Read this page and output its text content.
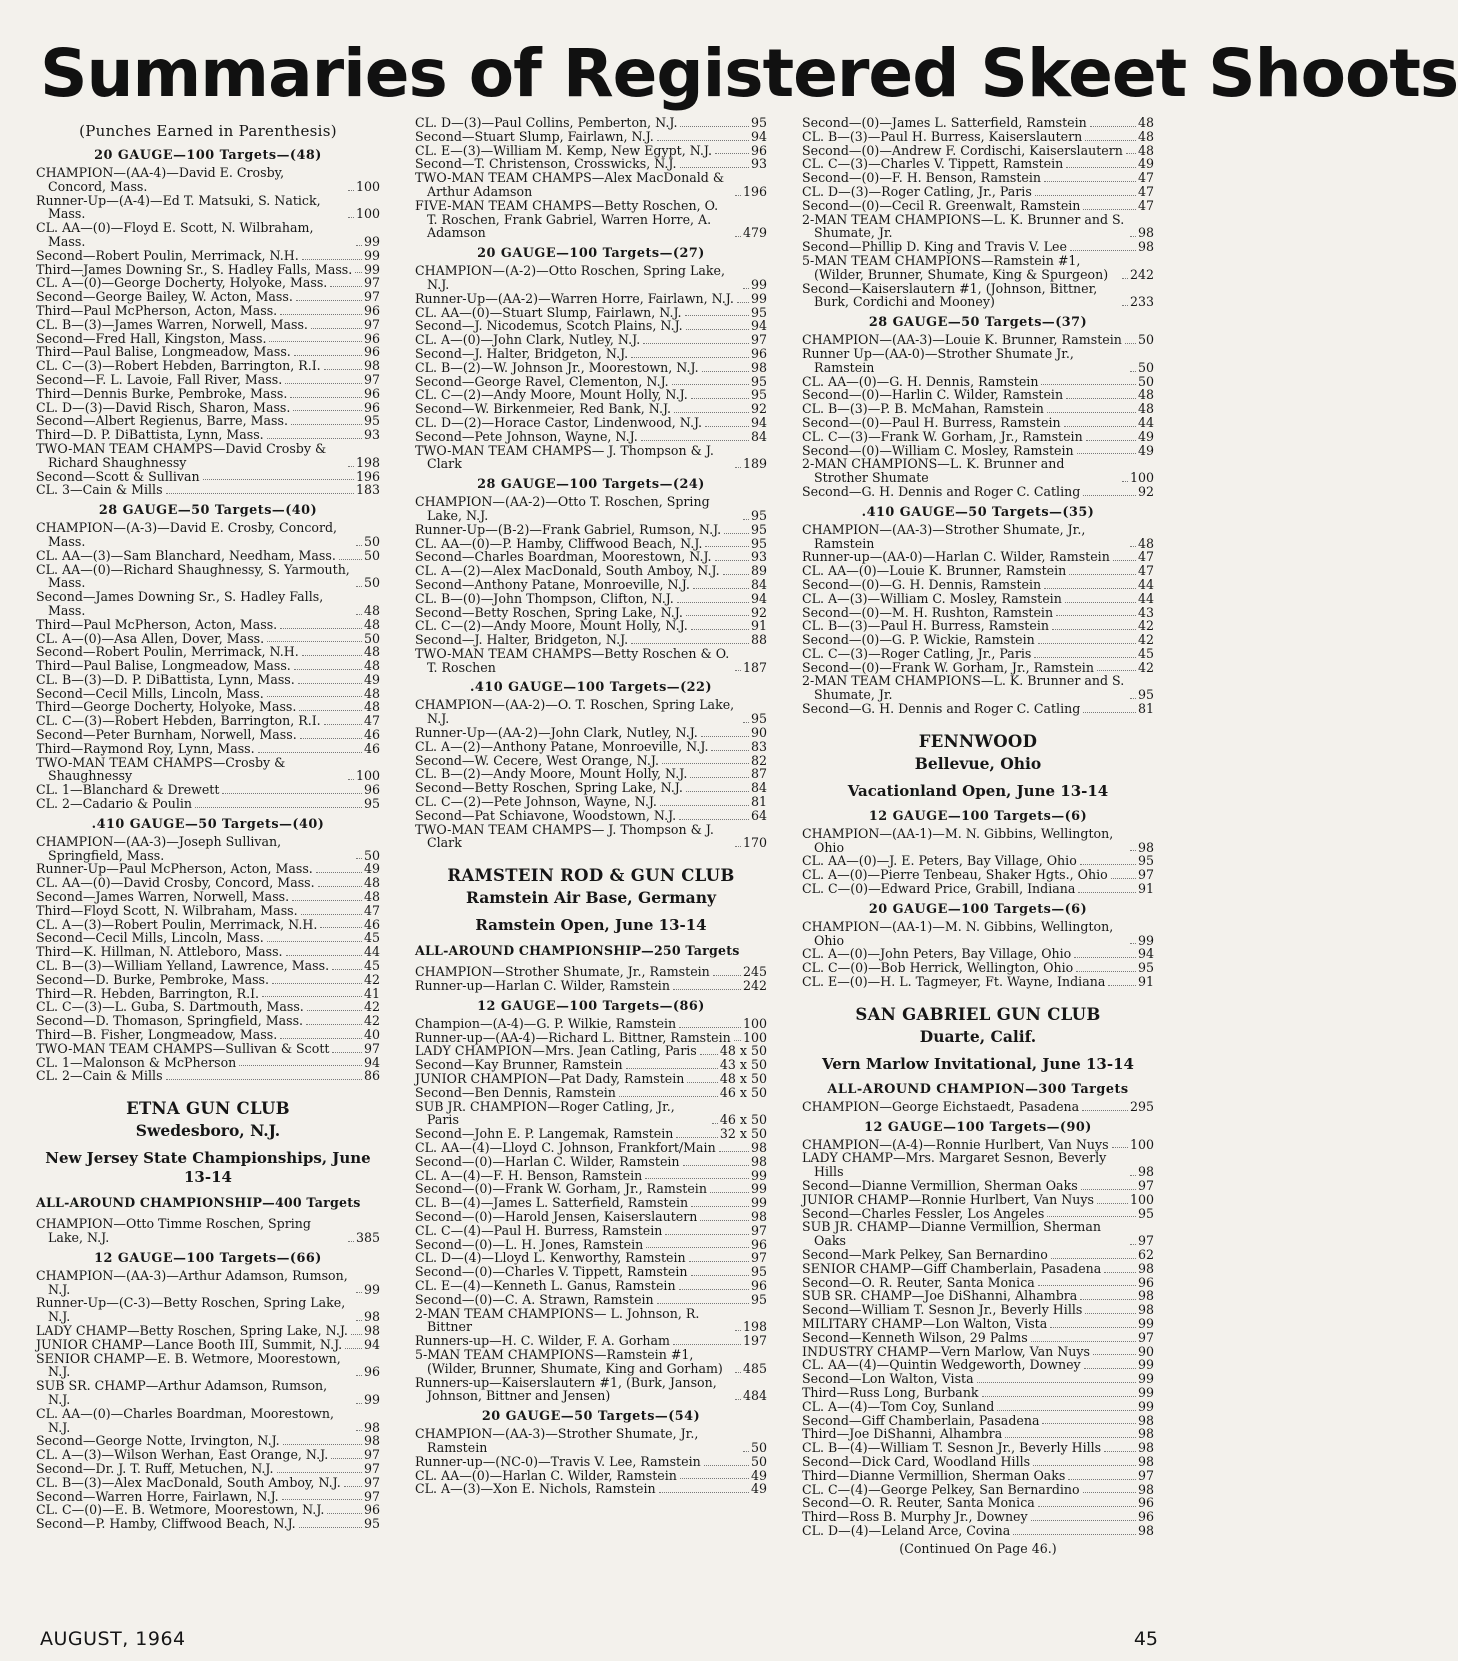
Summaries of Registered Skeet Shoots
(Punches Earned in Parenthesis)
20 GAUGE—100 Targets—(48)
CHAMPION—(AA-4)—David E. Crosby, Concord, Mass.	100
Runner-Up—(A-4)—Ed T. Matsuki, S. Natick, Mass.	100
CL. AA—(0)—Floyd E. Scott, N. Wilbraham, Mass.	99
Second—Robert Poulin, Merrimack, N.H.	99
Third—James Downing Sr., S. Hadley Falls, Mass. 99
CL. A—(0)—George Docherty, Holyoke, Mass.	97
Second—George Bailey, W. Acton, Mass.	97
Third—Paul McPherson, Acton, Mass.	96
CL. B—(3)—James Warren, Norwell, Mass.	97
Second—Fred Hall, Kingston, Mass.	96
Third—Paul Balise, Longmeadow, Mass.	96
CL. C—(3)—Robert Hebden, Barrington, R.I.	98
Second—F. L. Lavoie, Fall River, Mass.	97
Third—Dennis Burke, Pembroke, Mass.	96
CL. D—(3)—David Risch, Sharon, Mass.	96
Second—Albert Regienus, Barre, Mass.	95
Third—D. P. DiBattista, Lynn, Mass.	93
TWO-MAN TEAM CHAMPS—David Crosby & Richard Shaughnessy	198
Second—Scott & Sullivan	196
CL. 3—Cain & Mills	183
28 GAUGE—50 Targets—(40)
CHAMPION—(A-3)—David E. Crosby, Concord, Mass.	50
CL. AA—(3)—Sam Blanchard, Needham, Mass. 50
CL. AA—(0)—Richard Shaughnessy, S. Yarmouth, Mass.	50
Second—James Downing Sr., S. Hadley Falls, Mass.	48
Third—Paul McPherson, Acton, Mass.	48
CL. A—(0)—Asa Allen, Dover, Mass.	50
Second—Robert Poulin, Merrimack, N.H.	48
Third—Paul Balise, Longmeadow, Mass.	48
CL. B—(3)—D. P. DiBattista, Lynn, Mass.	49
Second—Cecil Mills, Lincoln, Mass.	48
Third—George Docherty, Holyoke, Mass.	48
CL. C—(3)—Robert Hebden, Barrington, R.I.	47
Second—Peter Burnham, Norwell, Mass.	46
Third—Raymond Roy, Lynn, Mass.	46
TWO-MAN TEAM CHAMPS—Crosby & Shaughnessy	100
CL. 1—Blanchard & Drewett	96
CL. 2—Cadario & Poulin	95
.410 GAUGE—50 Targets—(40)
CHAMPION—(AA-3)—Joseph Sullivan, Springfield, Mass.	50
Runner-Up—Paul McPherson, Acton, Mass.	49
CL. AA—(0)—David Crosby, Concord, Mass.	48
Second—James Warren, Norwell, Mass.	48
Third—Floyd Scott, N. Wilbraham, Mass.	47
CL. A—(3)—Robert Poulin, Merrimack, N.H.	46
Second—Cecil Mills, Lincoln, Mass.	45
Third—K. Hillman, N. Attleboro, Mass.	44
CL. B—(3)—William Yelland, Lawrence, Mass.	45
Second—D. Burke, Pembroke, Mass.	42
Third—R. Hebden, Barrington, R.I.	41
CL. C—(3)—L. Guba, S. Dartmouth, Mass.	42
Second—D. Thomason, Springfield, Mass.	42
Third—B. Fisher, Longmeadow, Mass.	40
TWO-MAN TEAM CHAMPS—Sullivan & Scott	97
CL. 1—Malonson & McPherson	94
CL. 2—Cain & Mills	86
ETNA GUN CLUB
Swedesboro, N.J.
New Jersey State Championships, June 13-14
ALL-AROUND CHAMPIONSHIP—400 Targets
CHAMPION—Otto Timme Roschen, Spring Lake, N.J.	385
12 GAUGE—100 Targets—(66)
CHAMPION—(AA-3)—Arthur Adamson, Rumson, N.J.	99
Runner-Up—(C-3)—Betty Roschen, Spring Lake, N.J.	98
LADY CHAMP—Betty Roschen, Spring Lake, N.J. 98
JUNIOR CHAMP—Lance Booth III, Summit, N.J. 94
SENIOR CHAMP—E. B. Wetmore, Moorestown, N.J.	96
SUB SR. CHAMP—Arthur Adamson, Rumson, N.J.	99
CL. AA—(0)—Charles Boardman, Moorestown, N.J.	98
Second—George Notte, Irvington, N.J.	98
CL. A—(3)—Wilson Werhan, East Orange, N.J.	97
Second—Dr. J. T. Ruff, Metuchen, N.J.	97
CL. B—(3)—Alex MacDonald, South Amboy, N.J. 97
Second—Warren Horre, Fairlawn, N.J.	97
CL. C—(0)—E. B. Wetmore, Moorestown, N.J.	96
Second—P. Hamby, Cliffwood Beach, N.J.	95
CL. D—(3)—Paul Collins, Pemberton, N.J.	95
Second—Stuart Slump, Fairlawn, N.J.	94
CL. E—(3)—William M. Kemp, New Egypt, N.J.	96
Second—T. Christenson, Crosswicks, N.J.	93
TWO-MAN TEAM CHAMPS—Alex MacDonald & Arthur Adamson	196
FIVE-MAN TEAM CHAMPS—Betty Roschen, O. T. Roschen, Frank Gabriel, Warren Horre, A. Adamson	479
20 GAUGE—100 Targets—(27)
CHAMPION—(A-2)—Otto Roschen, Spring Lake, N.J.	99
Runner-Up—(AA-2)—Warren Horre, Fairlawn, N.J. 99
CL. AA—(0)—Stuart Slump, Fairlawn, N.J.	95
Second—J. Nicodemus, Scotch Plains, N.J.	94
CL. A—(0)—John Clark, Nutley, N.J.	97
Second—J. Halter, Bridgeton, N.J.	96
CL. B—(2)—W. Johnson Jr., Moorestown, N.J.	98
Second—George Ravel, Clementon, N.J.	95
CL. C—(2)—Andy Moore, Mount Holly, N.J.	95
Second—W. Birkenmeier, Red Bank, N.J.	92
CL. D—(2)—Horace Castor, Lindenwood, N.J.	94
Second—Pete Johnson, Wayne, N.J.	84
TWO-MAN TEAM CHAMPS— J. Thompson & J. Clark	189
28 GAUGE—100 Targets—(24)
CHAMPION—(AA-2)—Otto T. Roschen, Spring Lake, N.J.	95
Runner-Up—(B-2)—Frank Gabriel, Rumson, N.J. 95
CL. AA—(0)—P. Hamby, Cliffwood Beach, N.J.	95
Second—Charles Boardman, Moorestown, N.J.	93
CL. A—(2)—Alex MacDonald, South Amboy, N.J. 89
Second—Anthony Patane, Monroeville, N.J.	84
CL. B—(0)—John Thompson, Clifton, N.J.	94
Second—Betty Roschen, Spring Lake, N.J.	92
CL. C—(2)—Andy Moore, Mount Holly, N.J.	91
Second—J. Halter, Bridgeton, N.J.	88
TWO-MAN TEAM CHAMPS—Betty Roschen & O. T. Roschen	187
.410 GAUGE—100 Targets—(22)
CHAMPION—(AA-2)—O. T. Roschen, Spring Lake, N.J.	95
Runner-Up—(AA-2)—John Clark, Nutley, N.J.	90
CL. A—(2)—Anthony Patane, Monroeville, N.J.	83
Second—W. Cecere, West Orange, N.J.	82
CL. B—(2)—Andy Moore, Mount Holly, N.J.	87
Second—Betty Roschen, Spring Lake, N.J.	84
CL. C—(2)—Pete Johnson, Wayne, N.J.	81
Second—Pat Schiavone, Woodstown, N.J.	64
TWO-MAN TEAM CHAMPS— J. Thompson & J. Clark	170
RAMSTEIN ROD & GUN CLUB
Ramstein Air Base, Germany
Ramstein Open, June 13-14
ALL-AROUND CHAMPIONSHIP—250 Targets
CHAMPION—Strother Shumate, Jr., Ramstein	245
Runner-up—Harlan C. Wilder, Ramstein	242
12 GAUGE—100 Targets—(86)
Champion—(A-4)—G. P. Wilkie, Ramstein	100
Runner-up—(AA-4)—Richard L. Bittner, Ramstein 100
LADY CHAMPION—Mrs. Jean Catling, Paris 48 x 50
Second—Kay Brunner, Ramstein	43 x 50
JUNIOR CHAMPION—Pat Dady, Ramstein	48 x 50
Second—Ben Dennis, Ramstein	46 x 50
SUB JR. CHAMPION—Roger Catling, Jr., Paris	46 x 50
Second—John E. P. Langemak, Ramstein	32 x 50
CL. AA—(4)—Lloyd C. Johnson, Frankfort/Main	98
Second—(0)—Harlan C. Wilder, Ramstein	98
CL. A—(4)—F. H. Benson, Ramstein	99
Second—(0)—Frank W. Gorham, Jr., Ramstein	99
CL. B—(4)—James L. Satterfield, Ramstein	99
Second—(0)—Harold Jensen, Kaiserslautern	98
CL. C—(4)—Paul H. Burress, Ramstein	97
Second—(0)—L. H. Jones, Ramstein	96
CL. D—(4)—Lloyd L. Kenworthy, Ramstein	97
Second—(0)—Charles V. Tippett, Ramstein	95
CL. E—(4)—Kenneth L. Ganus, Ramstein	96
Second—(0)—C. A. Strawn, Ramstein	95
2-MAN TEAM CHAMPIONS— L. Johnson, R. Bittner	198
Runners-up—H. C. Wilder, F. A. Gorham	197
5-MAN TEAM CHAMPIONS—Ramstein #1, (Wilder, Brunner, Shumate, King and Gorham)	485
Runners-up—Kaiserslautern #1, (Burk, Janson, Johnson, Bittner and Jensen)	484
20 GAUGE—50 Targets—(54)
CHAMPION—(AA-3)—Strother Shumate, Jr., Ramstein	50
Runner-up—(NC-0)—Travis V. Lee, Ramstein	50
CL. AA—(0)—Harlan C. Wilder, Ramstein	49
CL. A—(3)—Xon E. Nichols, Ramstein	49
Second—(0)—James L. Satterfield, Ramstein	48
CL. B—(3)—Paul H. Burress, Kaiserslautern	48
Second—(0)—Andrew F. Cordischi, Kaiserslautern 48
CL. C—(3)—Charles V. Tippett, Ramstein	49
Second—(0)—F. H. Benson, Ramstein	47
CL. D—(3)—Roger Catling, Jr., Paris	47
Second—(0)—Cecil R. Greenwalt, Ramstein	47
2-MAN TEAM CHAMPIONS—L. K. Brunner and S. Shumate, Jr.	98
Second—Phillip D. King and Travis V. Lee	98
5-MAN TEAM CHAMPIONS—Ramstein #1, (Wilder, Brunner, Shumate, King & Spurgeon)	242
Second—Kaiserslautern #1, (Johnson, Bittner, Burk, Cordichi and Mooney)	233
28 GAUGE—50 Targets—(37)
CHAMPION—(AA-3)—Louie K. Brunner, Ramstein 50
Runner Up—(AA-0)—Strother Shumate Jr., Ramstein	50
CL. AA—(0)—G. H. Dennis, Ramstein	50
Second—(0)—Harlin C. Wilder, Ramstein	48
CL. B—(3)—P. B. McMahan, Ramstein	48
Second—(0)—Paul H. Burress, Ramstein	44
CL. C—(3)—Frank W. Gorham, Jr., Ramstein	49
Second—(0)—William C. Mosley, Ramstein	49
2-MAN CHAMPIONS—L. K. Brunner and Strother Shumate	100
Second—G. H. Dennis and Roger C. Catling	92
.410 GAUGE—50 Targets—(35)
CHAMPION—(AA-3)—Strother Shumate, Jr., Ramstein	48
Runner-up—(AA-0)—Harlan C. Wilder, Ramstein 47
CL. AA—(0)—Louie K. Brunner, Ramstein	47
Second—(0)—G. H. Dennis, Ramstein	44
CL. A—(3)—William C. Mosley, Ramstein	44
Second—(0)—M. H. Rushton, Ramstein	43
CL. B—(3)—Paul H. Burress, Ramstein	42
Second—(0)—G. P. Wickie, Ramstein	42
CL. C—(3)—Roger Catling, Jr., Paris	45
Second—(0)—Frank W. Gorham, Jr., Ramstein	42
2-MAN TEAM CHAMPIONS—L. K. Brunner and S. Shumate, Jr.	95
Second—G. H. Dennis and Roger C. Catling	81
FENNWOOD
Bellevue, Ohio
Vacationland Open, June 13-14
12 GAUGE—100 Targets—(6)
CHAMPION—(AA-1)—M. N. Gibbins, Wellington, Ohio	98
CL. AA—(0)—J. E. Peters, Bay Village, Ohio	95
CL. A—(0)—Pierre Tenbeau, Shaker Hgts., Ohio 97
CL. C—(0)—Edward Price, Grabill, Indiana	91
20 GAUGE—100 Targets—(6)
CHAMPION—(AA-1)—M. N. Gibbins, Wellington, Ohio	99
CL. A—(0)—John Peters, Bay Village, Ohio	94
CL. C—(0)—Bob Herrick, Wellington, Ohio	95
CL. E—(0)—H. L. Tagmeyer, Ft. Wayne, Indiana	91
SAN GABRIEL GUN CLUB
Duarte, Calif.
Vern Marlow Invitational, June 13-14
ALL-AROUND CHAMPION—300 Targets
CHAMPION—George Eichstaedt, Pasadena	295
12 GAUGE—100 Targets—(90)
CHAMPION—(A-4)—Ronnie Hurlbert, Van Nuys 100
LADY CHAMP—Mrs. Margaret Sesnon, Beverly Hills	98
Second—Dianne Vermillion, Sherman Oaks	97
JUNIOR CHAMP—Ronnie Hurlbert, Van Nuys	100
Second—Charles Fessler, Los Angeles	95
SUB JR. CHAMP—Dianne Vermillion, Sherman Oaks	97
Second—Mark Pelkey, San Bernardino	62
SENIOR CHAMP—Giff Chamberlain, Pasadena	98
Second—O. R. Reuter, Santa Monica	96
SUB SR. CHAMP—Joe DiShanni, Alhambra	98
Second—William T. Sesnon Jr., Beverly Hills	98
MILITARY CHAMP—Lon Walton, Vista	99
Second—Kenneth Wilson, 29 Palms	97
INDUSTRY CHAMP—Vern Marlow, Van Nuys	90
CL. AA—(4)—Quintin Wedgeworth, Downey	99
Second—Lon Walton, Vista	99
Third—Russ Long, Burbank	99
CL. A—(4)—Tom Coy, Sunland	99
Second—Giff Chamberlain, Pasadena	98
Third—Joe DiShanni, Alhambra	98
CL. B—(4)—William T. Sesnon Jr., Beverly Hills	98
Second—Dick Card, Woodland Hills	98
Third—Dianne Vermillion, Sherman Oaks	97
CL. C—(4)—George Pelkey, San Bernardino	98
Second—O. R. Reuter, Santa Monica	96
Third—Ross B. Murphy Jr., Downey	96
CL. D—(4)—Leland Arce, Covina	98
(Continued On Page 46.)
AUGUST, 1964	45
